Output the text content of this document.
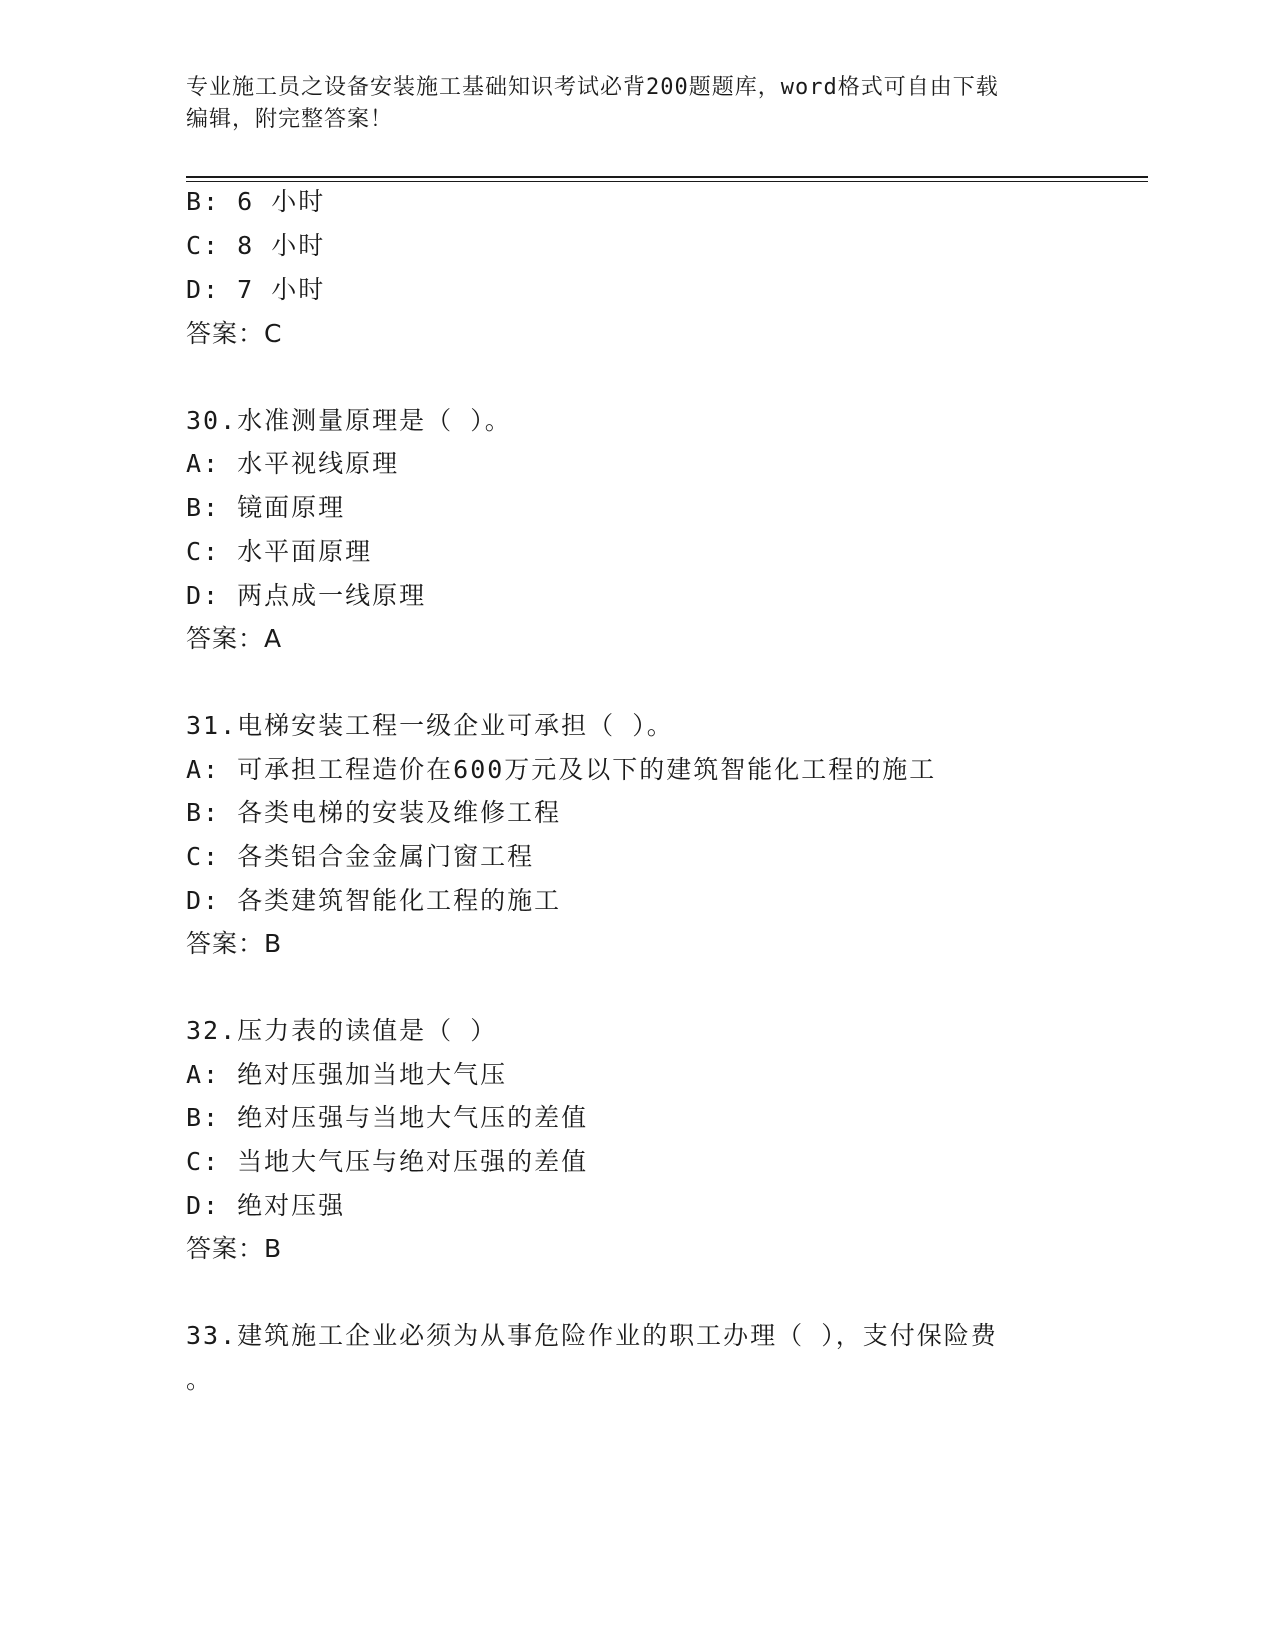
专业施工员之设备安装施工基础知识考试必背200题题库，word格式可自由下载
编辑，附完整答案！
B: 6 小时
C: 8 小时
D: 7 小时
答案：C
30.水准测量原理是（ ）。
A: 水平视线原理
B: 镜面原理
C: 水平面原理
D: 两点成一线原理
答案：A
31.电梯安装工程一级企业可承担（ ）。
A: 可承担工程造价在600万元及以下的建筑智能化工程的施工
B: 各类电梯的安装及维修工程
C: 各类铝合金金属门窗工程
D: 各类建筑智能化工程的施工
答案：B
32.压力表的读值是（ ）
A: 绝对压强加当地大气压
B: 绝对压强与当地大气压的差值
C: 当地大气压与绝对压强的差值
D: 绝对压强
答案：B
33.建筑施工企业必须为从事危险作业的职工办理（ ），支付保险费
。
